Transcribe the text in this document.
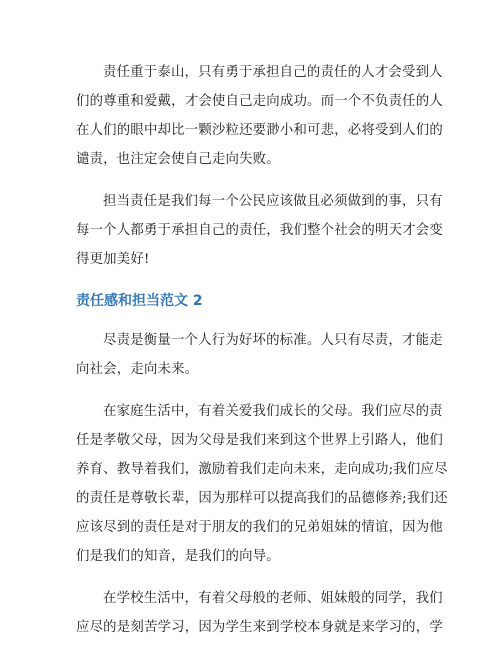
责任重于泰山，只有勇于承担自己的责任的人才会受到人
们的尊重和爱戴，才会使自己走向成功。而一个不负责任的人
在人们的眼中却比一颗沙粒还要渺小和可悲，必将受到人们的
谴责，也注定会使自己走向失败。

担当责任是我们每一个公民应该做且必须做到的事，只有
每一个人都勇于承担自己的责任，我们整个社会的明天才会变
得更加美好!

责任感和担当范文 2

尽责是衡量一个人行为好坏的标准。人只有尽责，才能走
向社会，走向未来。

在家庭生活中，有着关爱我们成长的父母。我们应尽的责
任是孝敬父母，因为父母是我们来到这个世界上引路人，他们
养育、教导着我们，激励着我们走向未来，走向成功;我们应尽
的责任是尊敬长辈，因为那样可以提高我们的品德修养;我们还
应该尽到的责任是对于朋友的我们的兄弟姐妹的情谊，因为他
们是我们的知音，是我们的向导。

在学校生活中，有着父母般的老师、姐妹般的同学，我们
应尽的是刻苦学习，因为学生来到学校本身就是来学习的，学
